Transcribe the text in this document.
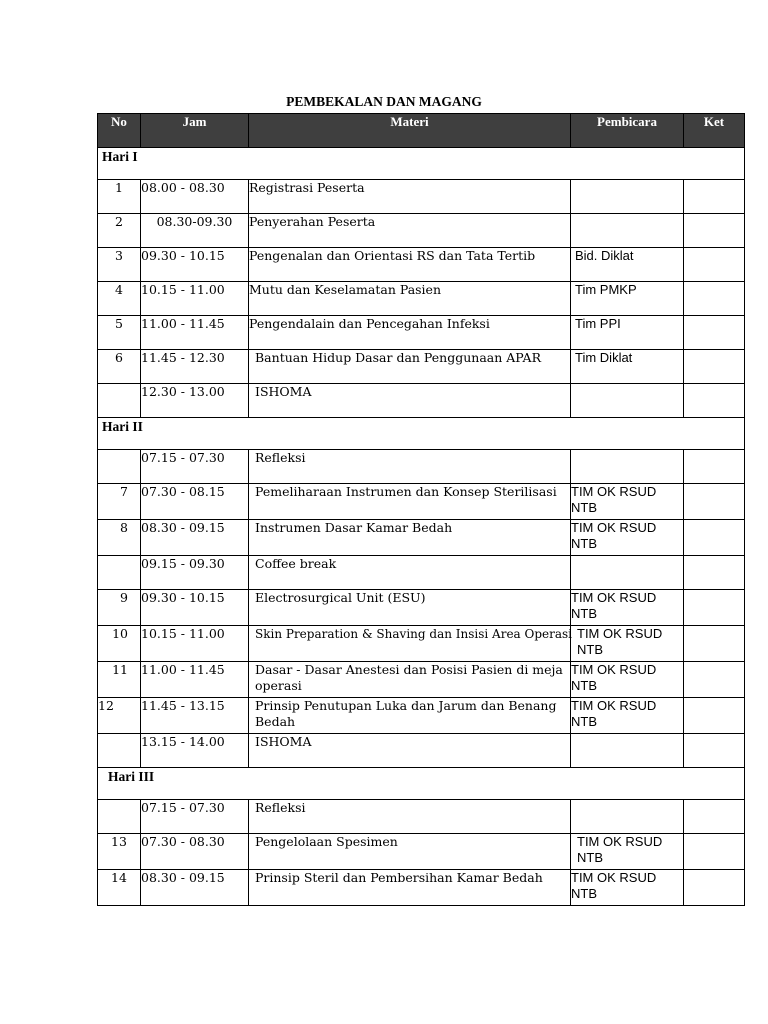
PEMBEKALAN DAN MAGANG
No	Jam	Materi	Pembicara	Ket
Hari I				
1	08.00 - 08.30	Registrasi Peserta		
2	08.30-09.30	Penyerahan Peserta		
3	09.30 - 10.15	Pengenalan dan Orientasi RS dan Tata Tertib	Bid. Diklat	
4	10.15 - 11.00	Mutu dan Keselamatan Pasien	Tim PMKP	
5	11.00 - 11.45	Pengendalain dan Pencegahan Infeksi	Tim PPI	
6	11.45 - 12.30	Bantuan Hidup Dasar dan Penggunaan APAR	Tim Diklat	
	12.30 - 13.00	ISHOMA		
Hari II				
	07.15 - 07.30	Refleksi		
7	07.30 - 08.15	Pemeliharaan Instrumen dan Konsep Sterilisasi	TIM OK RSUD NTB	
8	08.30 - 09.15	Instrumen Dasar Kamar Bedah	TIM OK RSUD NTB	
	09.15 - 09.30	Coffee break		
9	09.30 - 10.15	Electrosurgical Unit (ESU)	TIM OK RSUD NTB	
10	10.15 - 11.00	Skin Preparation & Shaving dan Insisi Area Operasi	TIM OK RSUD NTB	
11	11.00 - 11.45	Dasar - Dasar Anestesi dan Posisi Pasien di meja operasi	TIM OK RSUD NTB	
12	11.45 - 13.15	Prinsip Penutupan Luka dan Jarum dan Benang Bedah	TIM OK RSUD NTB	
	13.15 - 14.00	ISHOMA		
Hari III				
	07.15 - 07.30	Refleksi		
13	07.30 - 08.30	Pengelolaan Spesimen	TIM OK RSUD NTB	
14	08.30 - 09.15	Prinsip Steril dan Pembersihan Kamar Bedah	TIM OK RSUD NTB	
